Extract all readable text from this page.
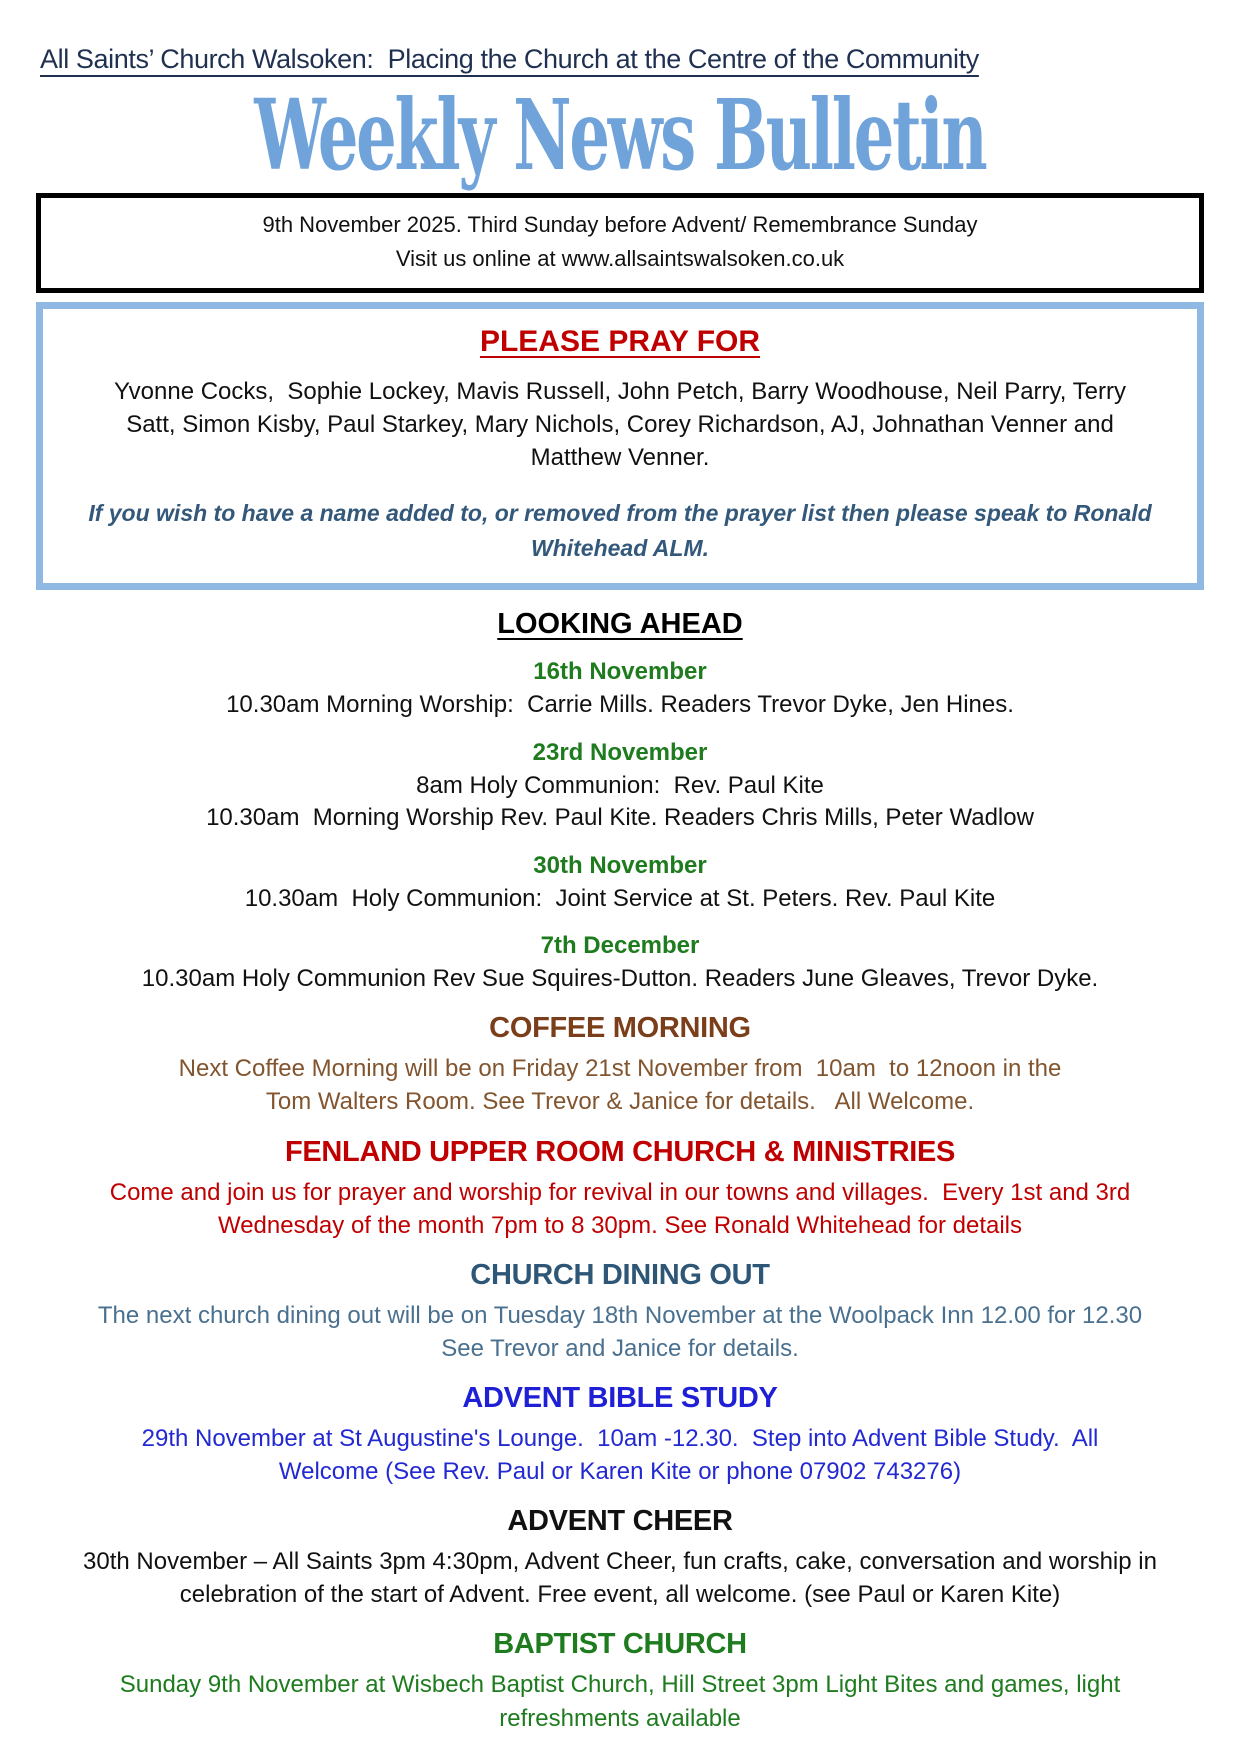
All Saints’ Church Walsoken:  Placing the Church at the Centre of the Community
Weekly News Bulletin
9th November 2025. Third Sunday before Advent/ Remembrance Sunday
Visit us online at www.allsaintswalsoken.co.uk
PLEASE PRAY FOR
Yvonne Cocks,  Sophie Lockey, Mavis Russell, John Petch, Barry Woodhouse, Neil Parry, Terry Satt, Simon Kisby, Paul Starkey, Mary Nichols, Corey Richardson, AJ, Johnathan Venner and Matthew Venner.
If you wish to have a name added to, or removed from the prayer list then please speak to Ronald Whitehead ALM.
LOOKING AHEAD
16th November
10.30am Morning Worship:  Carrie Mills. Readers Trevor Dyke, Jen Hines.
23rd November
8am Holy Communion:  Rev. Paul Kite
10.30am  Morning Worship Rev. Paul Kite. Readers Chris Mills, Peter Wadlow
30th November
10.30am  Holy Communion:  Joint Service at St. Peters. Rev. Paul Kite
7th December
10.30am Holy Communion Rev Sue Squires-Dutton. Readers June Gleaves, Trevor Dyke.
COFFEE MORNING
Next Coffee Morning will be on Friday 21st November from  10am  to 12noon in the Tom Walters Room. See Trevor & Janice for details.   All Welcome.
FENLAND UPPER ROOM CHURCH & MINISTRIES
Come and join us for prayer and worship for revival in our towns and villages.  Every 1st and 3rd Wednesday of the month 7pm to 8 30pm. See Ronald Whitehead for details
CHURCH DINING OUT
The next church dining out will be on Tuesday 18th November at the Woolpack Inn 12.00 for 12.30  See Trevor and Janice for details.
ADVENT BIBLE STUDY
29th November at St Augustine's Lounge.  10am -12.30.  Step into Advent Bible Study.  All Welcome (See Rev. Paul or Karen Kite or phone 07902 743276)
ADVENT CHEER
30th November – All Saints 3pm 4:30pm, Advent Cheer, fun crafts, cake, conversation and worship in celebration of the start of Advent. Free event, all welcome. (see Paul or Karen Kite)
BAPTIST CHURCH
Sunday 9th November at Wisbech Baptist Church, Hill Street 3pm Light Bites and games, light refreshments available
